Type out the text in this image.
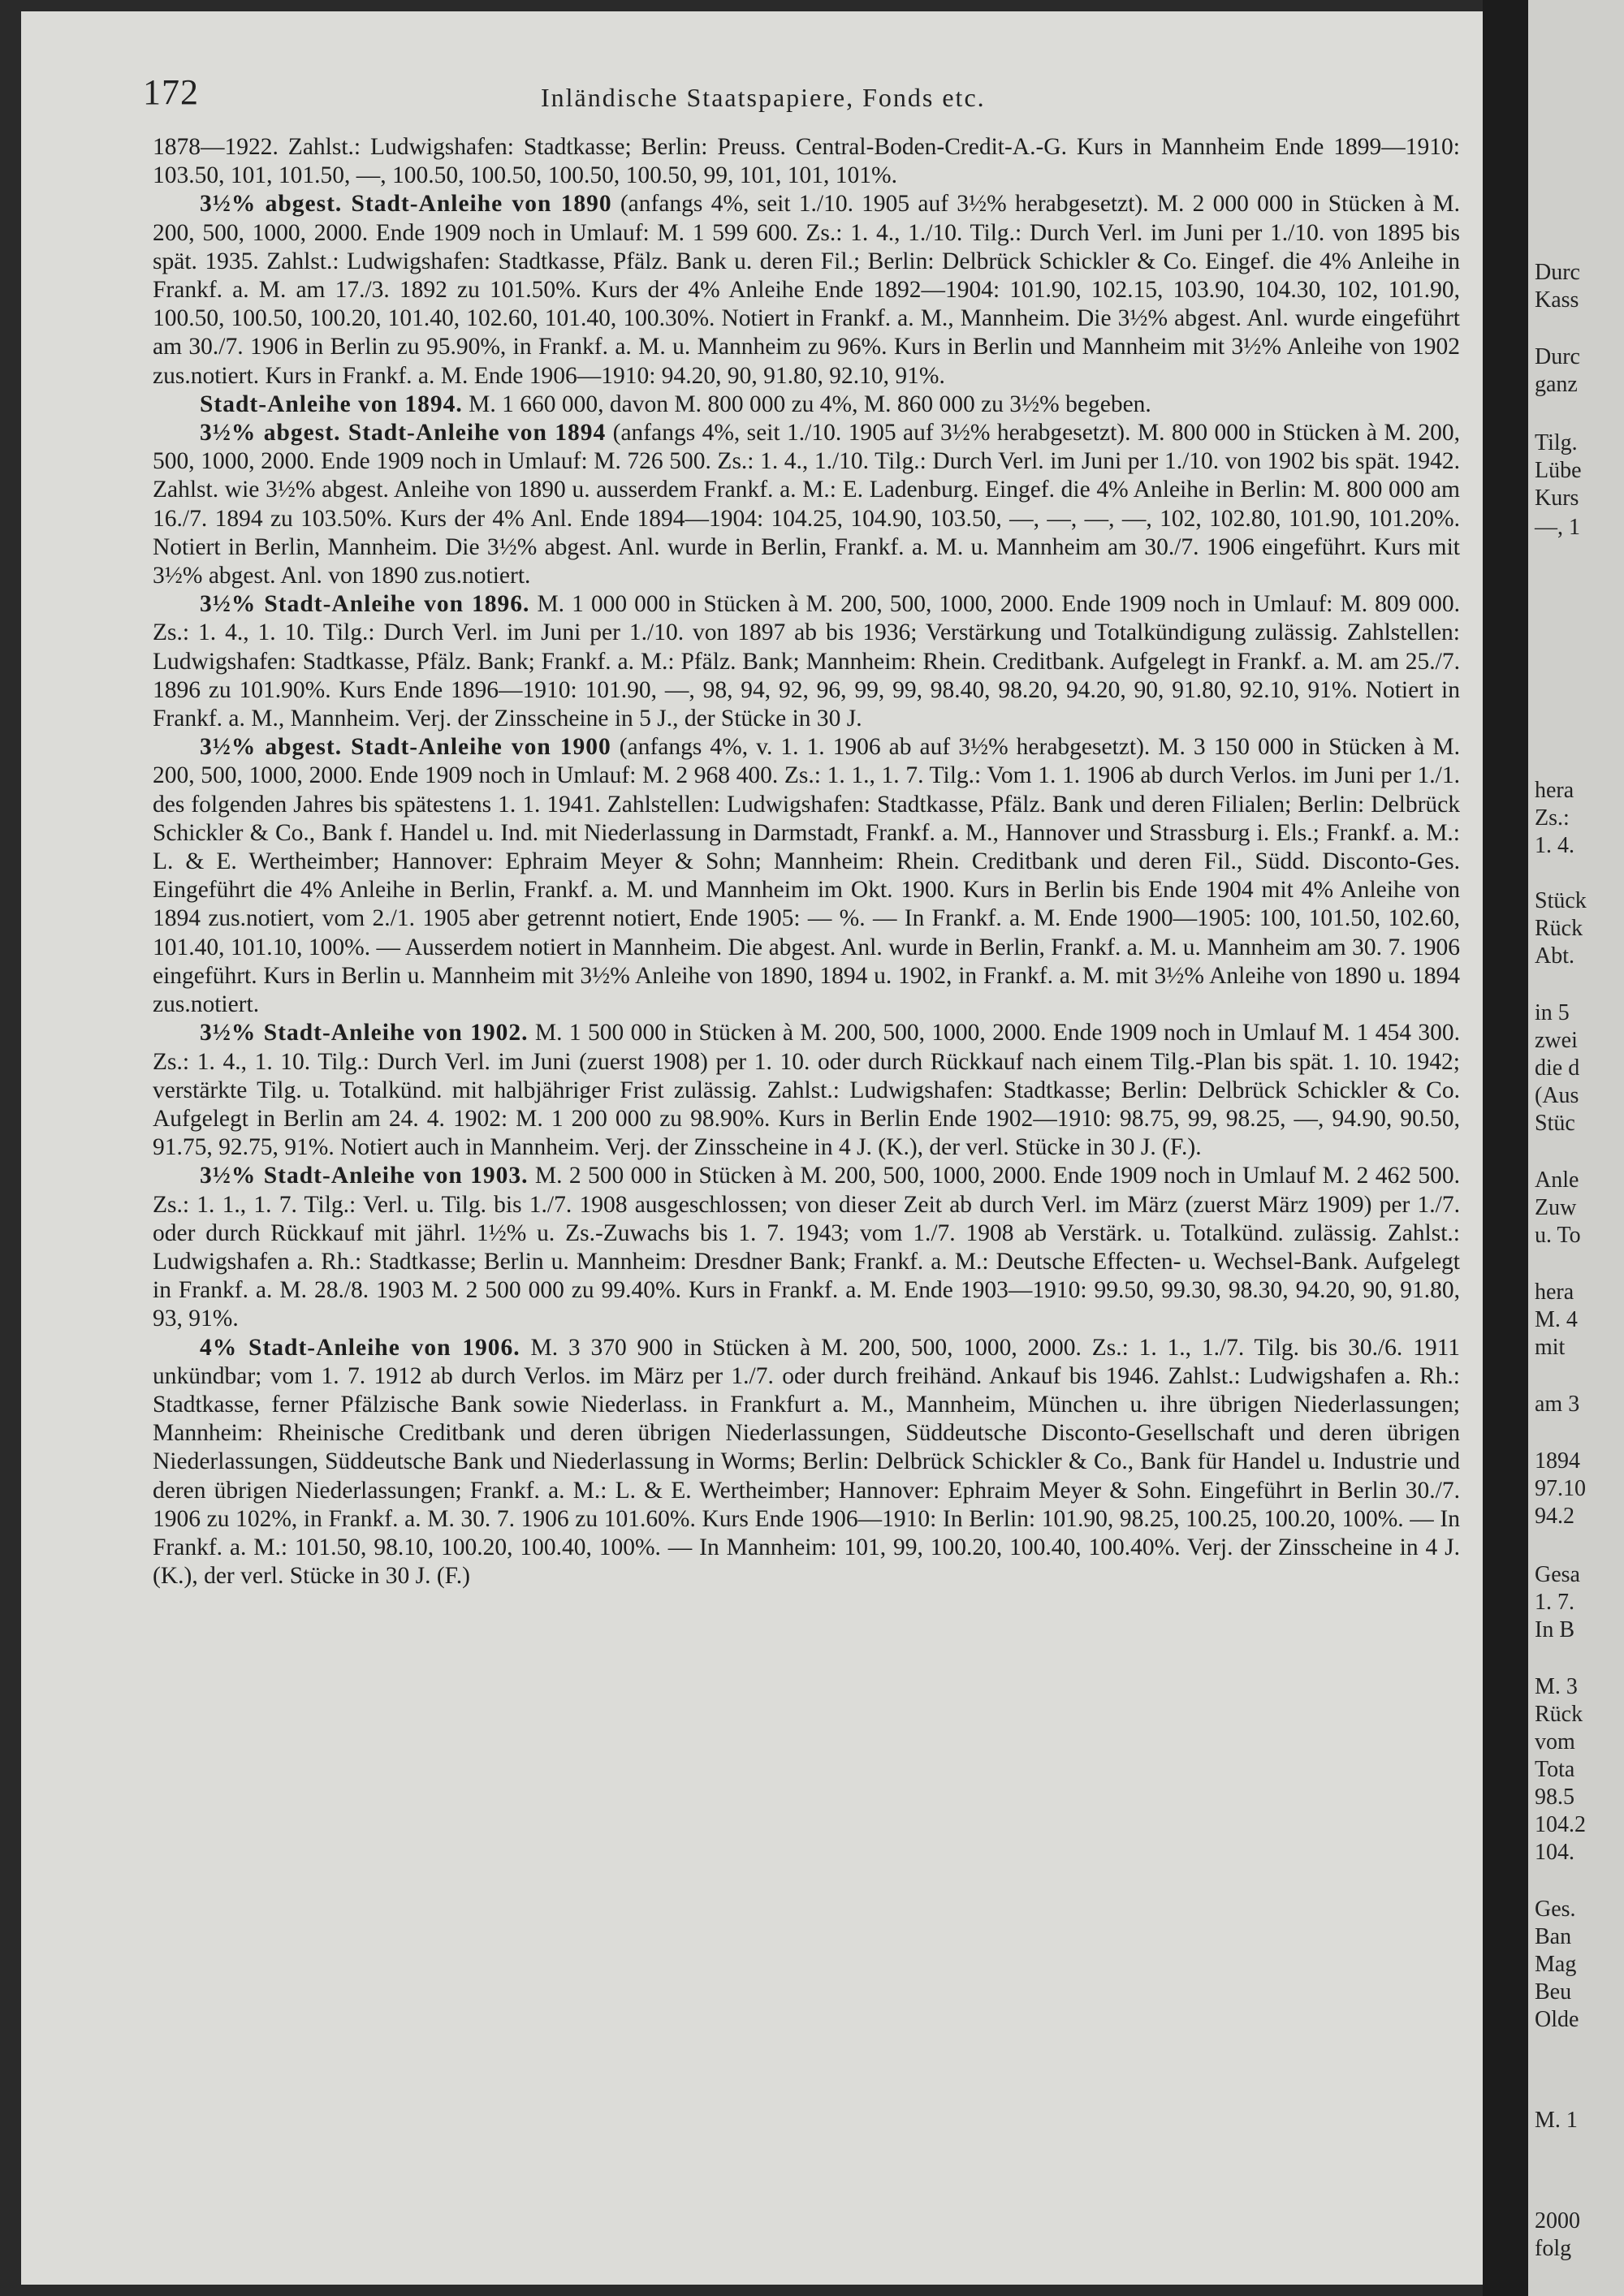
172	Inländische Staatspapiere, Fonds etc.

1878—1922. Zahlst.: Ludwigshafen: Stadtkasse; Berlin: Preuss. Central-Boden-Credit-A.-G. Kurs in Mannheim Ende 1899—1910: 103.50, 101, 101.50, —, 100.50, 100.50, 100.50, 100.50, 99, 101, 101, 101%.

3½% abgest. Stadt-Anleihe von 1890 (anfangs 4%, seit 1./10. 1905 auf 3½% herabgesetzt). M. 2 000 000 in Stücken à M. 200, 500, 1000, 2000. Ende 1909 noch in Umlauf: M. 1 599 600. Zs.: 1. 4., 1./10. Tilg.: Durch Verl. im Juni per 1./10. von 1895 bis spät. 1935. Zahlst.: Ludwigshafen: Stadtkasse, Pfälz. Bank u. deren Fil.; Berlin: Delbrück Schickler & Co. Eingef. die 4% Anleihe in Frankf. a. M. am 17./3. 1892 zu 101.50%. Kurs der 4% Anleihe Ende 1892—1904: 101.90, 102.15, 103.90, 104.30, 102, 101.90, 100.50, 100.50, 100.20, 101.40, 102.60, 101.40, 100.30%. Notiert in Frankf. a. M., Mannheim. Die 3½% abgest. Anl. wurde eingeführt am 30./7. 1906 in Berlin zu 95.90%, in Frankf. a. M. u. Mannheim zu 96%. Kurs in Berlin und Mannheim mit 3½% Anleihe von 1902 zus.notiert. Kurs in Frankf. a. M. Ende 1906—1910: 94.20, 90, 91.80, 92.10, 91%.

Stadt-Anleihe von 1894. M. 1 660 000, davon M. 800 000 zu 4%, M. 860 000 zu 3½% begeben.

3½% abgest. Stadt-Anleihe von 1894 (anfangs 4%, seit 1./10. 1905 auf 3½% herabgesetzt). M. 800 000 in Stücken à M. 200, 500, 1000, 2000. Ende 1909 noch in Umlauf: M. 726 500. Zs.: 1. 4., 1./10. Tilg.: Durch Verl. im Juni per 1./10. von 1902 bis spät. 1942. Zahlst. wie 3½% abgest. Anleihe von 1890 u. ausserdem Frankf. a. M.: E. Ladenburg. Eingef. die 4% Anleihe in Berlin: M. 800 000 am 16./7. 1894 zu 103.50%. Kurs der 4% Anl. Ende 1894—1904: 104.25, 104.90, 103.50, —, —, —, —, 102, 102.80, 101.90, 101.20%. Notiert in Berlin, Mannheim. Die 3½% abgest. Anl. wurde in Berlin, Frankf. a. M. u. Mannheim am 30./7. 1906 eingeführt. Kurs mit 3½% abgest. Anl. von 1890 zus.notiert.

3½% Stadt-Anleihe von 1896. M. 1 000 000 in Stücken à M. 200, 500, 1000, 2000. Ende 1909 noch in Umlauf: M. 809 000. Zs.: 1. 4., 1. 10. Tilg.: Durch Verl. im Juni per 1./10. von 1897 ab bis 1936; Verstärkung und Totalkündigung zulässig. Zahlstellen: Ludwigshafen: Stadtkasse, Pfälz. Bank; Frankf. a. M.: Pfälz. Bank; Mannheim: Rhein. Creditbank. Aufgelegt in Frankf. a. M. am 25./7. 1896 zu 101.90%. Kurs Ende 1896—1910: 101.90, —, 98, 94, 92, 96, 99, 99, 98.40, 98.20, 94.20, 90, 91.80, 92.10, 91%. Notiert in Frankf. a. M., Mannheim. Verj. der Zinsscheine in 5 J., der Stücke in 30 J.

3½% abgest. Stadt-Anleihe von 1900 (anfangs 4%, v. 1. 1. 1906 ab auf 3½% herabgesetzt). M. 3 150 000 in Stücken à M. 200, 500, 1000, 2000. Ende 1909 noch in Umlauf: M. 2 968 400. Zs.: 1. 1., 1. 7. Tilg.: Vom 1. 1. 1906 ab durch Verlos. im Juni per 1./1. des folgenden Jahres bis spätestens 1. 1. 1941. Zahlstellen: Ludwigshafen: Stadtkasse, Pfälz. Bank und deren Filialen; Berlin: Delbrück Schickler & Co., Bank f. Handel u. Ind. mit Niederlassung in Darmstadt, Frankf. a. M., Hannover und Strassburg i. Els.; Frankf. a. M.: L. & E. Wertheimber; Hannover: Ephraim Meyer & Sohn; Mannheim: Rhein. Creditbank und deren Fil., Südd. Disconto-Ges. Eingeführt die 4% Anleihe in Berlin, Frankf. a. M. und Mannheim im Okt. 1900. Kurs in Berlin bis Ende 1904 mit 4% Anleihe von 1894 zus.notiert, vom 2./1. 1905 aber getrennt notiert, Ende 1905: — %. — In Frankf. a. M. Ende 1900—1905: 100, 101.50, 102.60, 101.40, 101.10, 100%. — Ausserdem notiert in Mannheim. Die abgest. Anl. wurde in Berlin, Frankf. a. M. u. Mannheim am 30. 7. 1906 eingeführt. Kurs in Berlin u. Mannheim mit 3½% Anleihe von 1890, 1894 u. 1902, in Frankf. a. M. mit 3½% Anleihe von 1890 u. 1894 zus.notiert.

3½% Stadt-Anleihe von 1902. M. 1 500 000 in Stücken à M. 200, 500, 1000, 2000. Ende 1909 noch in Umlauf M. 1 454 300. Zs.: 1. 4., 1. 10. Tilg.: Durch Verl. im Juni (zuerst 1908) per 1. 10. oder durch Rückkauf nach einem Tilg.-Plan bis spät. 1. 10. 1942; verstärkte Tilg. u. Totalkünd. mit halbjähriger Frist zulässig. Zahlst.: Ludwigshafen: Stadtkasse; Berlin: Delbrück Schickler & Co. Aufgelegt in Berlin am 24. 4. 1902: M. 1 200 000 zu 98.90%. Kurs in Berlin Ende 1902—1910: 98.75, 99, 98.25, —, 94.90, 90.50, 91.75, 92.75, 91%. Notiert auch in Mannheim. Verj. der Zinsscheine in 4 J. (K.), der verl. Stücke in 30 J. (F.).

3½% Stadt-Anleihe von 1903. M. 2 500 000 in Stücken à M. 200, 500, 1000, 2000. Ende 1909 noch in Umlauf M. 2 462 500. Zs.: 1. 1., 1. 7. Tilg.: Verl. u. Tilg. bis 1./7. 1908 ausgeschlossen; von dieser Zeit ab durch Verl. im März (zuerst März 1909) per 1./7. oder durch Rückkauf mit jährl. 1½% u. Zs.-Zuwachs bis 1. 7. 1943; vom 1./7. 1908 ab Verstärk. u. Totalkünd. zulässig. Zahlst.: Ludwigshafen a. Rh.: Stadtkasse; Berlin u. Mannheim: Dresdner Bank; Frankf. a. M.: Deutsche Effecten- u. Wechsel-Bank. Aufgelegt in Frankf. a. M. 28./8. 1903 M. 2 500 000 zu 99.40%. Kurs in Frankf. a. M. Ende 1903—1910: 99.50, 99.30, 98.30, 94.20, 90, 91.80, 93, 91%.

4% Stadt-Anleihe von 1906. M. 3 370 900 in Stücken à M. 200, 500, 1000, 2000. Zs.: 1. 1., 1./7. Tilg. bis 30./6. 1911 unkündbar; vom 1. 7. 1912 ab durch Verlos. im März per 1./7. oder durch freihänd. Ankauf bis 1946. Zahlst.: Ludwigshafen a. Rh.: Stadtkasse, ferner Pfälzische Bank sowie Niederlass. in Frankfurt a. M., Mannheim, München u. ihre übrigen Niederlassungen; Mannheim: Rheinische Creditbank und deren übrigen Niederlassungen, Süddeutsche Disconto-Gesellschaft und deren übrigen Niederlassungen, Süddeutsche Bank und Niederlassung in Worms; Berlin: Delbrück Schickler & Co., Bank für Handel u. Industrie und deren übrigen Niederlassungen; Frankf. a. M.: L. & E. Wertheimber; Hannover: Ephraim Meyer & Sohn. Eingeführt in Berlin 30./7. 1906 zu 102%, in Frankf. a. M. 30. 7. 1906 zu 101.60%. Kurs Ende 1906—1910: In Berlin: 101.90, 98.25, 100.25, 100.20, 100%. — In Frankf. a. M.: 101.50, 98.10, 100.20, 100.40, 100%. — In Mannheim: 101, 99, 100.20, 100.40, 100.40%. Verj. der Zinsscheine in 4 J. (K.), der verl. Stücke in 30 J. (F.)

Durc
Kass
Durc
ganz
Tilg.
Lübe
Kurs
—, 1
hera
Zs.:
1. 4.
Stück
Rück
Abt.
in 5
zwei
die d
(Aus
Stüc
Anle
Zuw
u. To
hera
M. 4
mit
am 3
1894
97.10
94.2
Gesa
1. 7.
In B
M. 3
Rück
vom
Tota
98.5
104.2
104.
Ges.
Ban
Mag
Beu
Olde
M. 1
2000
folg
